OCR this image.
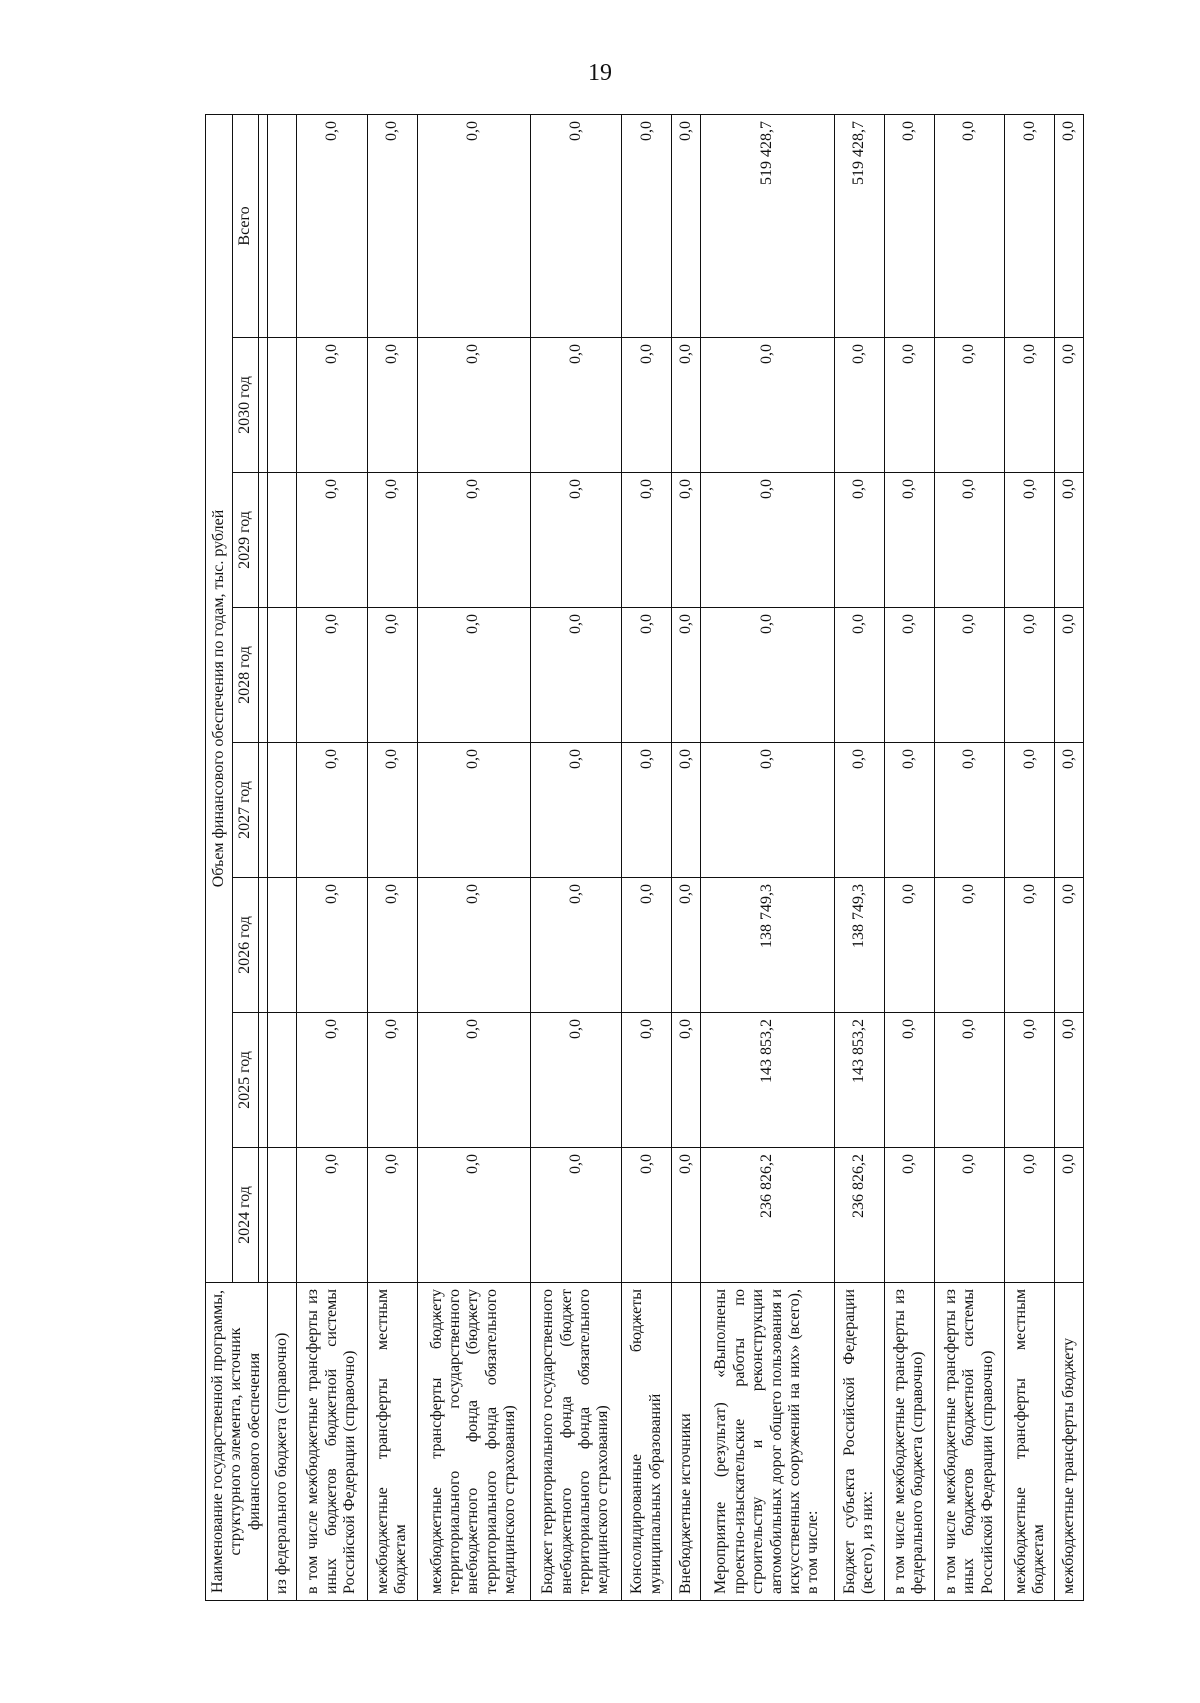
19
Наименование государственной программы, структурного элемента, источник финансового обеспечения	Объем финансового обеспечения по годам, тыс. рублей							
	2024 год	2025 год	2026 год	2027 год	2028 год	2029 год	2030 год	Всего

из федерального бюджета (справочно)								
в том числе межбюджетные трансферты из иных бюджетов бюджетной системы Российской Федерации (справочно)	0,0	0,0	0,0	0,0	0,0	0,0	0,0	0,0
межбюджетные трансферты местным бюджетам	0,0	0,0	0,0	0,0	0,0	0,0	0,0	0,0
межбюджетные трансферты бюджету территориального государственного внебюджетного фонда (бюджету территориального фонда обязательного медицинского страхования)	0,0	0,0	0,0	0,0	0,0	0,0	0,0	0,0
Бюджет территориального государственного внебюджетного фонда (бюджет территориального фонда обязательного медицинского страхования)	0,0	0,0	0,0	0,0	0,0	0,0	0,0	0,0
Консолидированные бюджеты муниципальных образований	0,0	0,0	0,0	0,0	0,0	0,0	0,0	0,0
Внебюджетные источники	0,0	0,0	0,0	0,0	0,0	0,0	0,0	0,0
Мероприятие (результат) «Выполнены проектно-изыскательские работы по строительству и реконструкции автомобильных дорог общего пользования и искусственных сооружений на них» (всего), в том числе:	236 826,2	143 853,2	138 749,3	0,0	0,0	0,0	0,0	519 428,7
Бюджет субъекта Российской Федерации (всего), из них:	236 826,2	143 853,2	138 749,3	0,0	0,0	0,0	0,0	519 428,7
в том числе межбюджетные трансферты из федерального бюджета (справочно)	0,0	0,0	0,0	0,0	0,0	0,0	0,0	0,0
в том числе межбюджетные трансферты из иных бюджетов бюджетной системы Российской Федерации (справочно)	0,0	0,0	0,0	0,0	0,0	0,0	0,0	0,0
межбюджетные трансферты местным бюджетам	0,0	0,0	0,0	0,0	0,0	0,0	0,0	0,0
межбюджетные трансферты бюджету	0,0	0,0	0,0	0,0	0,0	0,0	0,0	0,0
